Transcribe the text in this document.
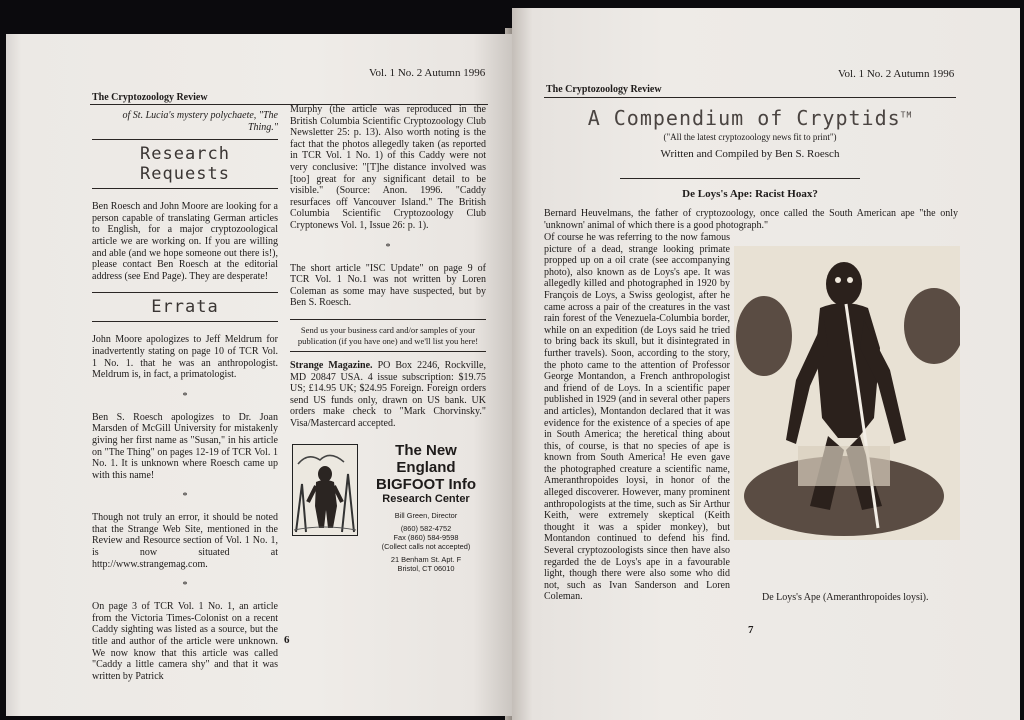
The Cryptozoology Review
Vol. 1 No. 2 Autumn 1996
of St. Lucia's mystery polychaete, "The Thing."
Research Requests
Ben Roesch and John Moore are looking for a person capable of translating German articles to English, for a major cryptozoological article we are working on. If you are willing and able (and we hope someone out there is!), please contact Ben Roesch at the editorial address (see End Page). They are desperate!
Errata
John Moore apologizes to Jeff Meldrum for inadvertently stating on page 10 of TCR Vol. 1 No. 1. that he was an anthropologist. Meldrum is, in fact, a primatologist.
*
Ben S. Roesch apologizes to Dr. Joan Marsden of McGill University for mistakenly giving her first name as "Susan," in his article on "The Thing" on pages 12-19 of TCR Vol. 1 No. 1. It is unknown where Roesch came up with this name!
*
Though not truly an error, it should be noted that the Strange Web Site, mentioned in the Review and Resource section of Vol. 1 No. 1, is now situated at http://www.strangemag.com.
*
On page 3 of TCR Vol. 1 No. 1, an article from the Victoria Times-Colonist on a recent Caddy sighting was listed as a source, but the title and author of the article were unknown. We now know that this article was called "Caddy a little camera shy" and that it was written by Patrick
Murphy (the article was reproduced in the British Columbia Scientific Cryptozoology Club Newsletter 25: p. 13). Also worth noting is the fact that the photos allegedly taken (as reported in TCR Vol. 1 No. 1) of this Caddy were not very conclusive: "[T]he distance involved was [too] great for any significant detail to be visible." (Source: Anon. 1996. "Caddy resurfaces off Vancouver Island." The British Columbia Scientific Cryptozoology Club Cryptonews Vol. 1, Issue 26: p. 1).
*
The short article "ISC Update" on page 9 of TCR Vol. 1 No.1 was not written by Loren Coleman as some may have suspected, but by Ben S. Roesch.
Send us your business card and/or samples of your publication (if you have one) and we'll list you here!
Strange Magazine. PO Box 2246, Rockville, MD 20847 USA. 4 issue subscription: $19.75 US; £14.95 UK; $24.95 Foreign. Foreign orders send US funds only, drawn on US bank. UK orders make check to "Mark Chorvinsky." Visa/Mastercard accepted.
The New England
BIGFOOT Info
Research Center
Bill Green, Director
(860) 582-4752
Fax (860) 584-9598
(Collect calls not accepted)
21 Benham St. Apt. F
Bristol, CT 06010
6
The Cryptozoology Review
Vol. 1 No. 2 Autumn 1996
A Compendium of Cryptids™
("All the latest cryptozoology news fit to print")
Written and Compiled by Ben S. Roesch
De Loys's Ape: Racist Hoax?
Bernard Heuvelmans, the father of cryptozoology, once called the South American ape "the only 'unknown' animal of which there is a good photograph."
Of course he was referring to the now famous picture of a dead, strange looking primate propped up on a oil crate (see accompanying photo), also known as de Loys's ape. It was allegedly killed and photographed in 1920 by François de Loys, a Swiss geologist, after he came across a pair of the creatures in the vast rain forest of the Venezuela-Columbia border, while on an expedition (de Loys said he tried to bring back its skull, but it disintegrated in further travels). Soon, according to the story, the photo came to the attention of Professor George Montandon, a French anthropologist and friend of de Loys. In a scientific paper published in 1929 (and in several other papers and articles), Montandon declared that it was evidence for the existence of a species of ape in South America; the heretical thing about this, of course, is that no species of ape is known from South America! He even gave the photographed creature a scientific name, Ameranthropoides loysi, in honor of the alleged discoverer. However, many prominent anthropologists at the time, such as Sir Arthur Keith, were extremely skeptical (Keith thought it was a spider monkey), but Montandon continued to defend his find. Several cryptozoologists since then have also regarded the de Loys's ape in a favourable light, though there were also some who did not, such as Ivan Sanderson and Loren Coleman.	De Loys's Ape (Ameranthropoides loysi).
7
